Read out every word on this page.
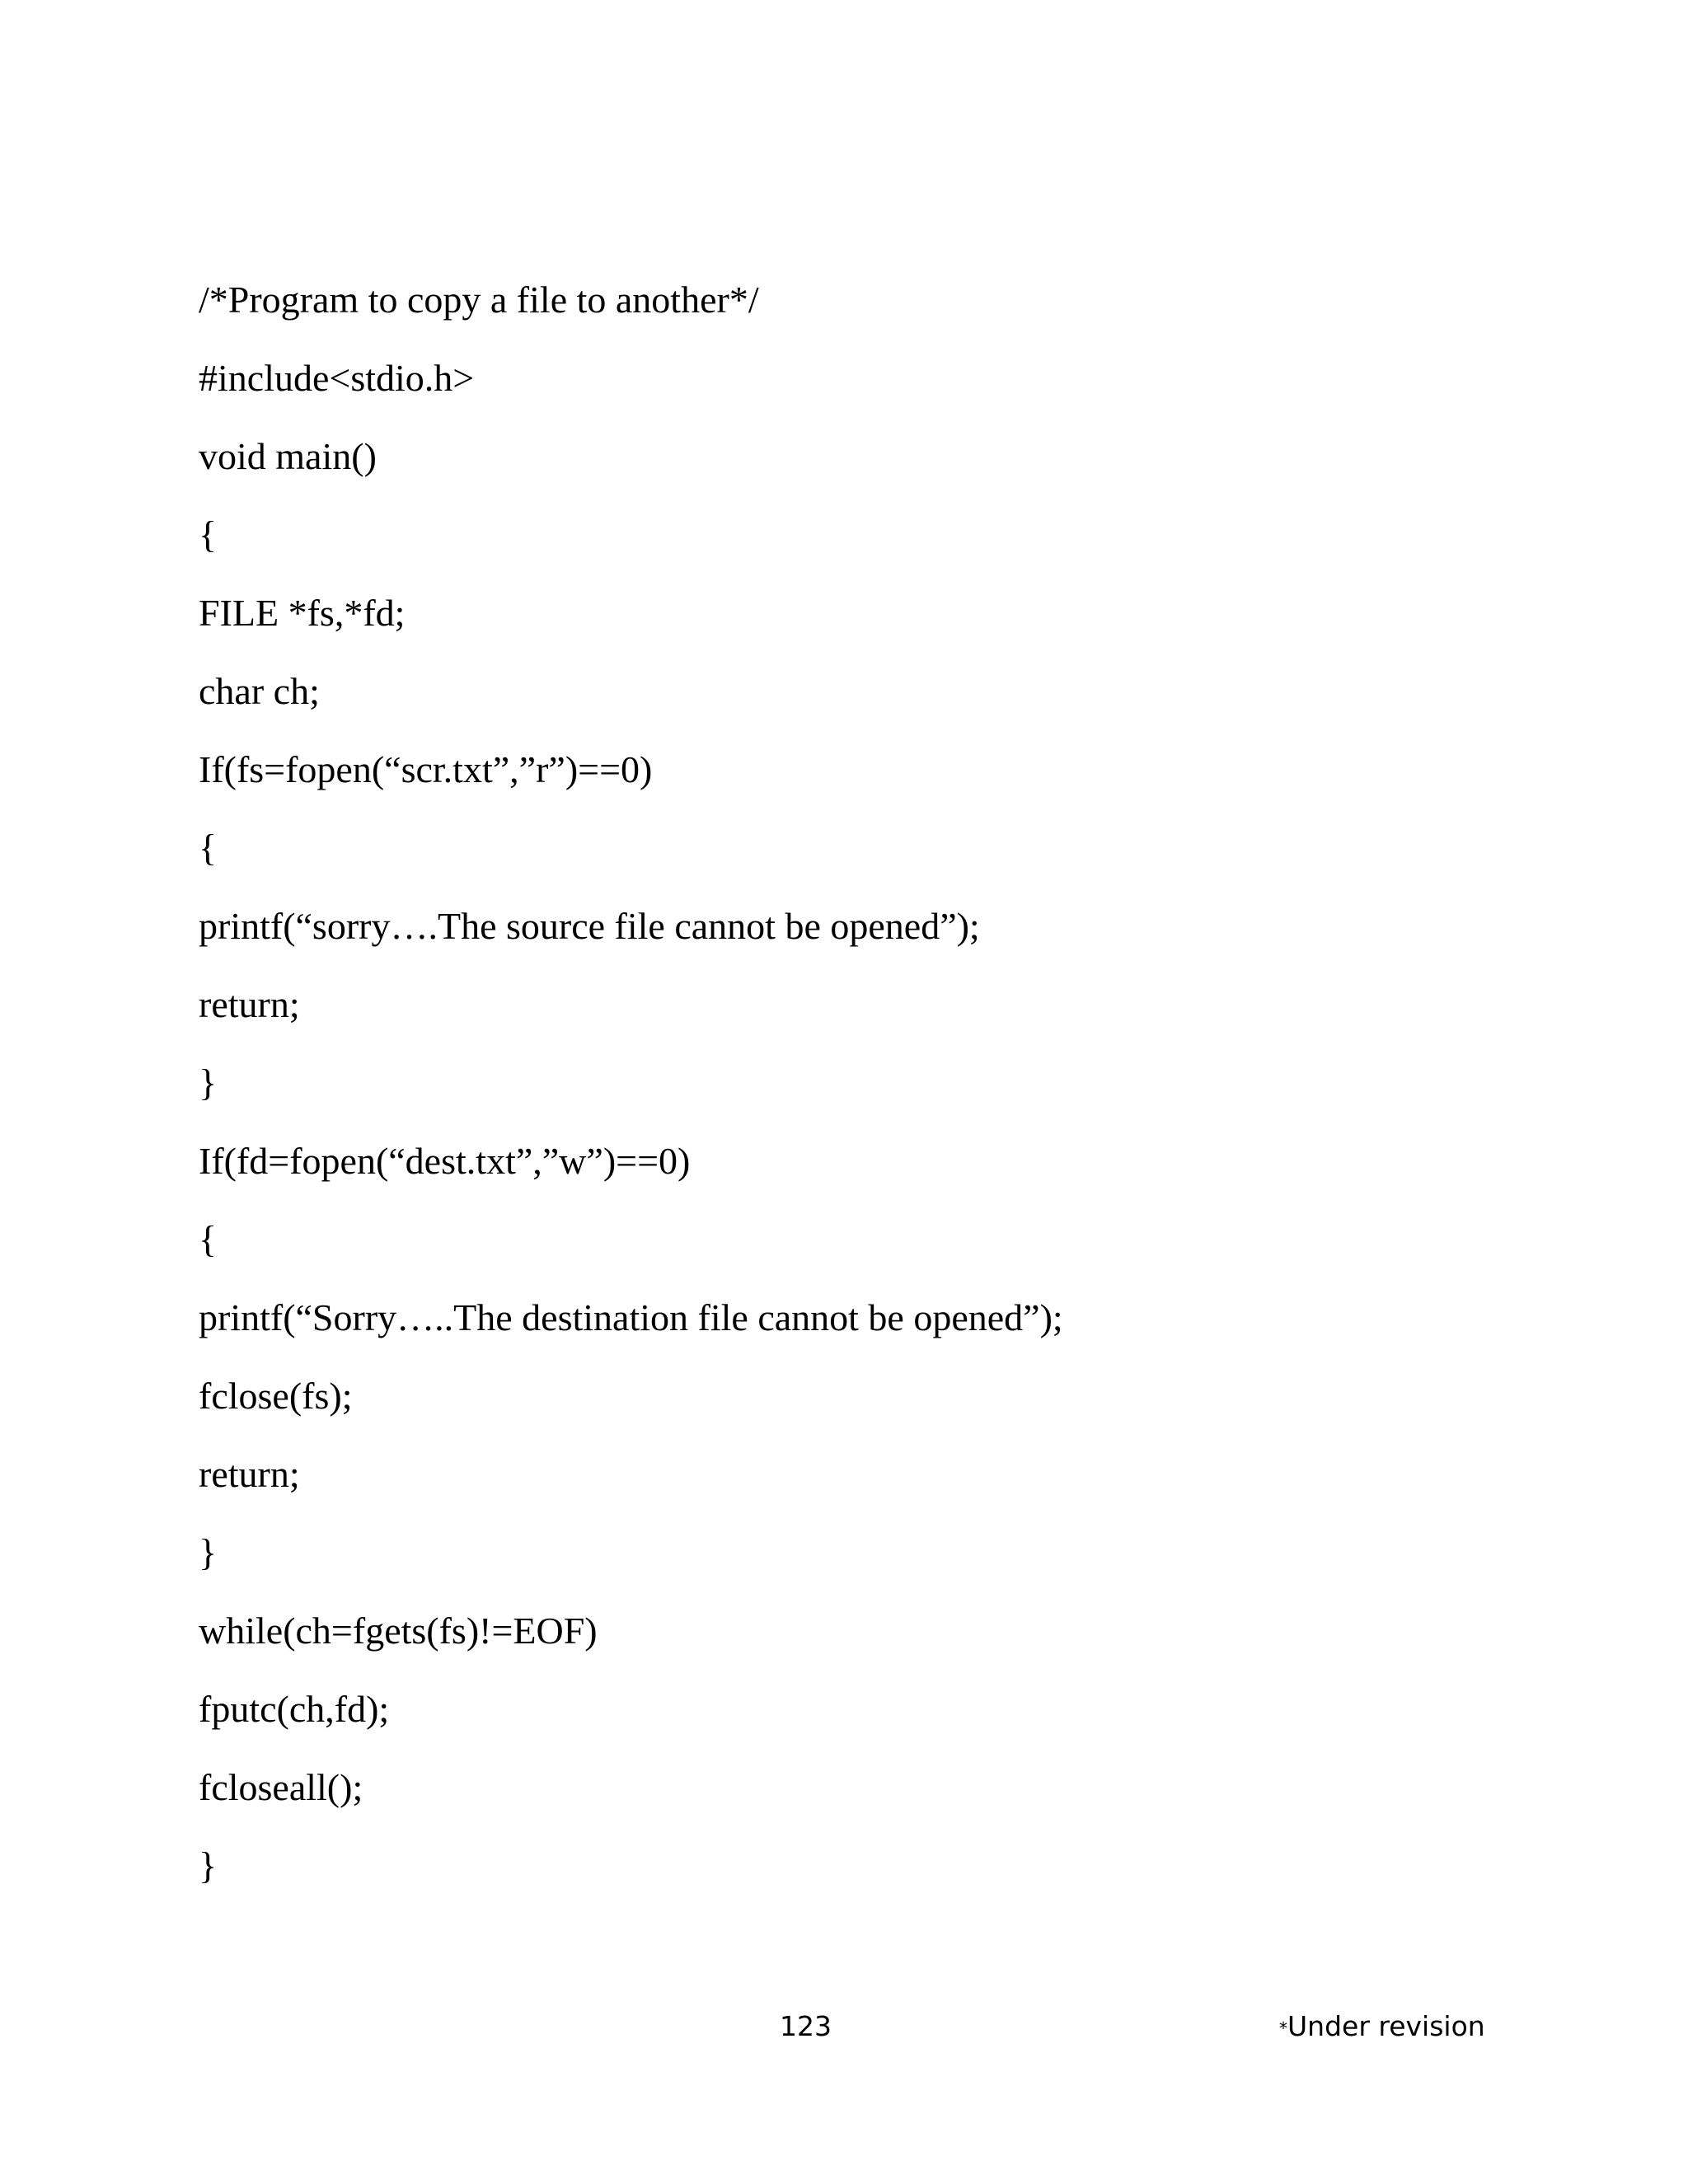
/*Program to copy a file to another*/
#include<stdio.h>
void main()
{
FILE *fs,*fd;
char ch;
If(fs=fopen(“scr.txt”,”r”)==0)
{
printf(“sorry….The source file cannot be opened”);
return;
}
If(fd=fopen(“dest.txt”,”w”)==0)
{
printf(“Sorry…..The destination file cannot be opened”);
fclose(fs);
return;
}
while(ch=fgets(fs)!=EOF)
fputc(ch,fd);
fcloseall();
}
123	*Under revision
